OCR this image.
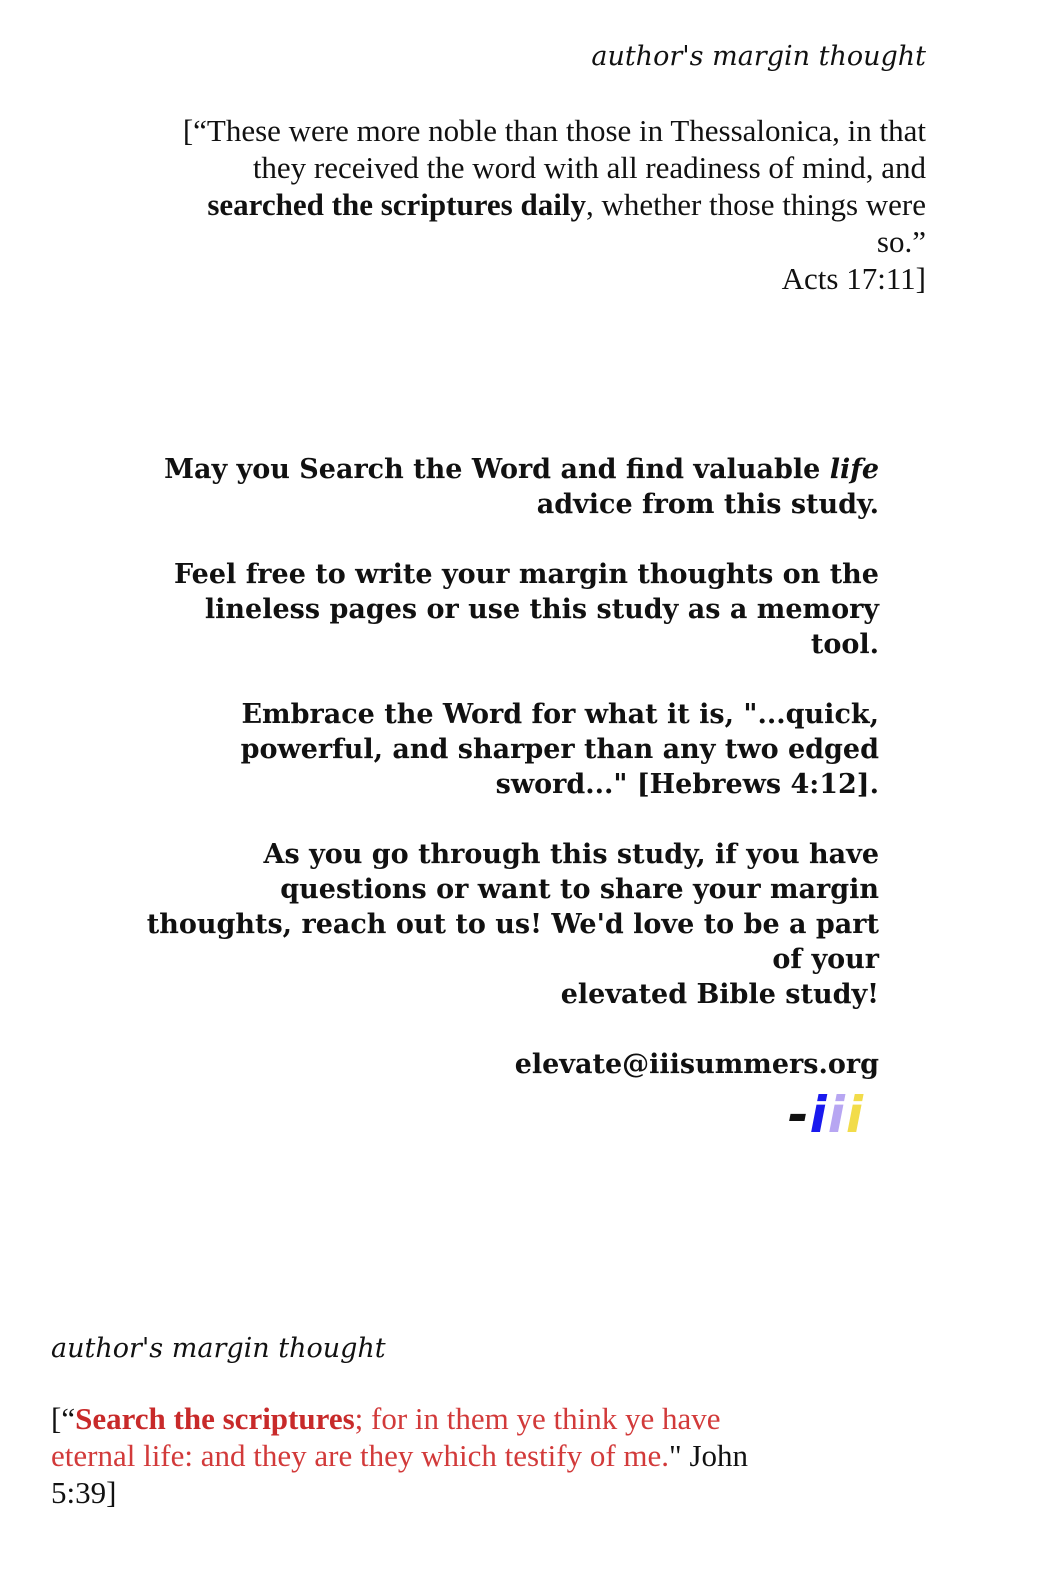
author's margin thought

[“These were more noble than those in Thessalonica, in that they received the word with all readiness of mind, and searched the scriptures daily, whether those things were so.”
Acts 17:11]

May you Search the Word and find valuable life
advice from this study.

Feel free to write your margin thoughts on the lineless pages or use this study as a memory tool.

Embrace the Word for what it is, "...quick,
powerful, and sharper than any two edged
sword..." [Hebrews 4:12].

As you go through this study, if you have
questions or want to share your margin
thoughts, reach out to us! We'd love to be a part
of your
elevated Bible study!

elevate@iiisummers.org

-iii

author's margin thought

[“Search the scriptures; for in them ye think ye have eternal life: and they are they which testify of me." John 5:39]
